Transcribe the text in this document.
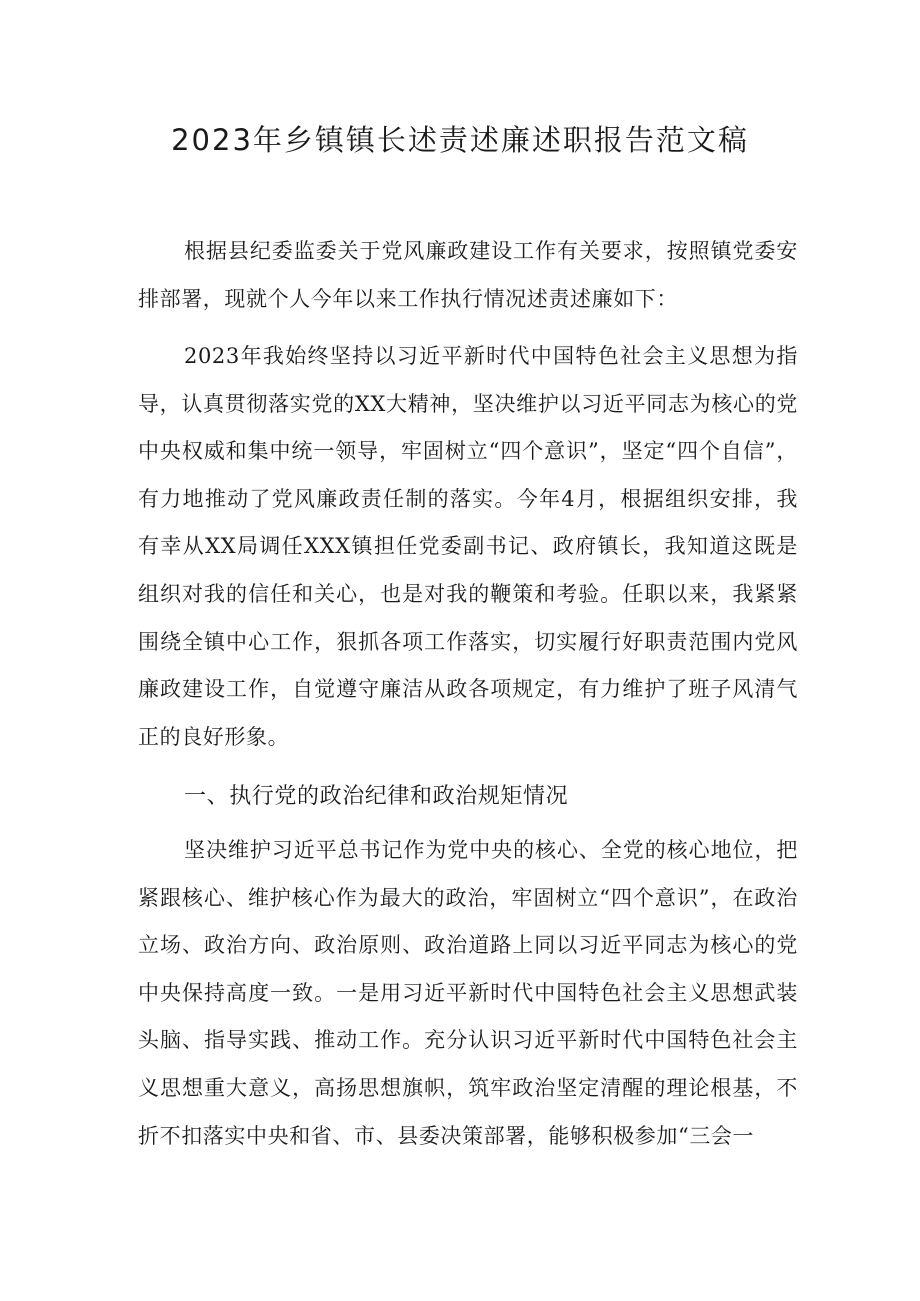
2023年乡镇镇长述责述廉述职报告范文稿

根据县纪委监委关于党风廉政建设工作有关要求，按照镇党委安排部署，现就个人今年以来工作执行情况述责述廉如下：

2023年我始终坚持以习近平新时代中国特色社会主义思想为指导，认真贯彻落实党的XX大精神，坚决维护以习近平同志为核心的党中央权威和集中统一领导，牢固树立“四个意识”，坚定“四个自信”，有力地推动了党风廉政责任制的落实。今年4月，根据组织安排，我有幸从XX局调任XXX镇担任党委副书记、政府镇长，我知道这既是组织对我的信任和关心，也是对我的鞭策和考验。任职以来，我紧紧围绕全镇中心工作，狠抓各项工作落实，切实履行好职责范围内党风廉政建设工作，自觉遵守廉洁从政各项规定，有力维护了班子风清气正的良好形象。

一、执行党的政治纪律和政治规矩情况

坚决维护习近平总书记作为党中央的核心、全党的核心地位，把紧跟核心、维护核心作为最大的政治，牢固树立“四个意识”，在政治立场、政治方向、政治原则、政治道路上同以习近平同志为核心的党中央保持高度一致。一是用习近平新时代中国特色社会主义思想武装头脑、指导实践、推动工作。充分认识习近平新时代中国特色社会主义思想重大意义，高扬思想旗帜，筑牢政治坚定清醒的理论根基，不折不扣落实中央和省、市、县委决策部署，能够积极参加“三会一
